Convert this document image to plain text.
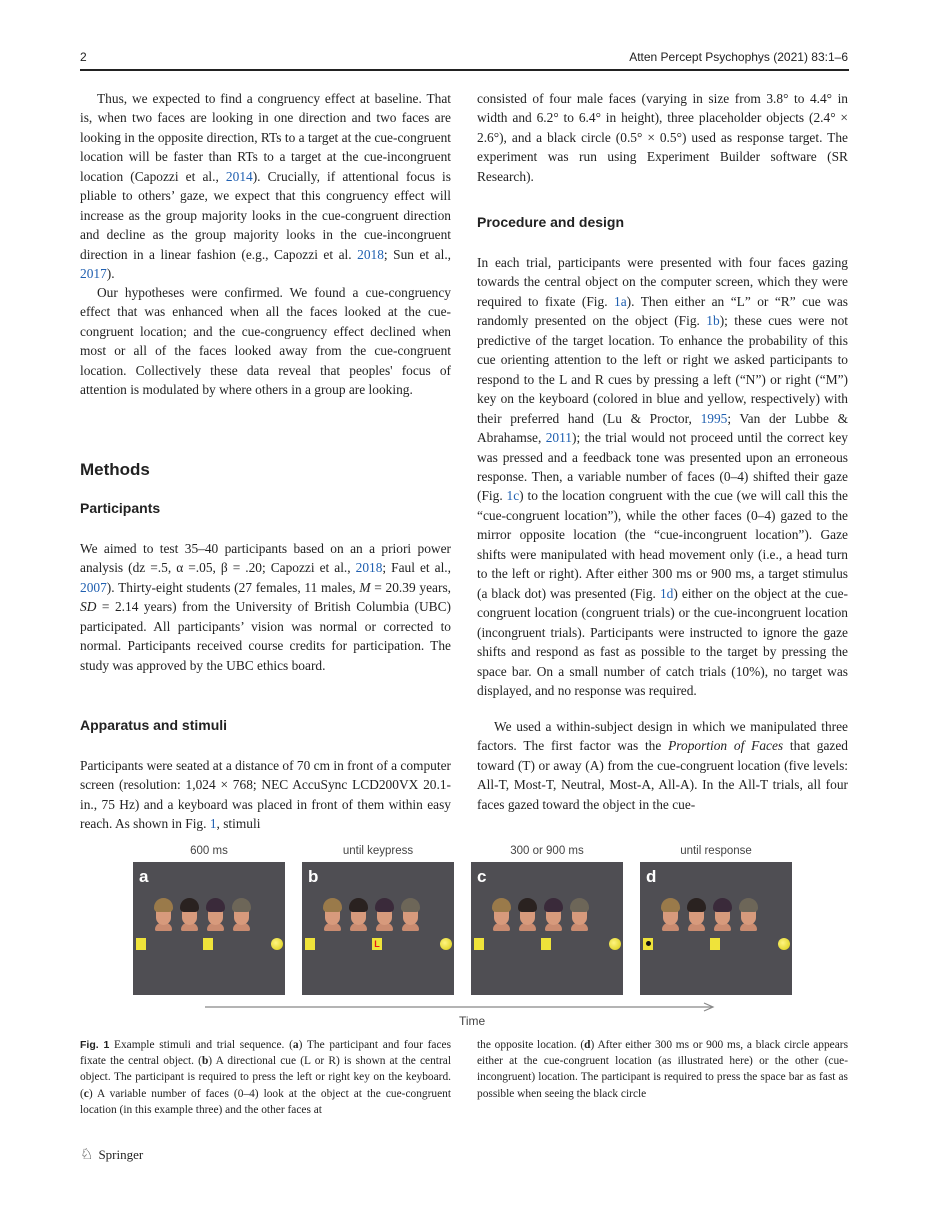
2	Atten Percept Psychophys (2021) 83:1–6

Thus, we expected to find a congruency effect at baseline. That is, when two faces are looking in one direction and two faces are looking in the opposite direction, RTs to a target at the cue-congruent location will be faster than RTs to a target at the cue-incongruent location (Capozzi et al., 2014). Crucially, if attentional focus is pliable to others’ gaze, we expect that this congruency effect will increase as the group majority looks in the cue-congruent direction and decline as the group majority looks in the cue-incongruent direction in a linear fashion (e.g., Capozzi et al. 2018; Sun et al., 2017).

Our hypotheses were confirmed. We found a cue-congruency effect that was enhanced when all the faces looked at the cue-congruent location; and the cue-congruency effect declined when most or all of the faces looked away from the cue-congruent location. Collectively these data reveal that peoples' focus of attention is modulated by where others in a group are looking.

Methods
Participants

We aimed to test 35–40 participants based on an a priori power analysis (dz =.5, α =.05, β = .20; Capozzi et al., 2018; Faul et al., 2007). Thirty-eight students (27 females, 11 males, M = 20.39 years, SD = 2.14 years) from the University of British Columbia (UBC) participated. All participants’ vision was normal or corrected to normal. Participants received course credits for participation. The study was approved by the UBC ethics board.

Apparatus and stimuli

Participants were seated at a distance of 70 cm in front of a computer screen (resolution: 1,024 × 768; NEC AccuSync LCD200VX 20.1-in., 75 Hz) and a keyboard was placed in front of them within easy reach. As shown in Fig. 1, stimuli

consisted of four male faces (varying in size from 3.8° to 4.4° in width and 6.2° to 6.4° in height), three placeholder objects (2.4° × 2.6°), and a black circle (0.5° × 0.5°) used as response target. The experiment was run using Experiment Builder software (SR Research).

Procedure and design

In each trial, participants were presented with four faces gazing towards the central object on the computer screen, which they were required to fixate (Fig. 1a). Then either an “L” or “R” cue was randomly presented on the object (Fig. 1b); these cues were not predictive of the target location. To enhance the probability of this cue orienting attention to the left or right we asked participants to respond to the L and R cues by pressing a left (“N”) or right (“M”) key on the keyboard (colored in blue and yellow, respectively) with their preferred hand (Lu & Proctor, 1995; Van der Lubbe & Abrahamse, 2011); the trial would not proceed until the correct key was pressed and a feedback tone was presented upon an erroneous response. Then, a variable number of faces (0–4) shifted their gaze (Fig. 1c) to the location congruent with the cue (we will call this the “cue-congruent location”), while the other faces (0–4) gazed to the mirror opposite location (the “cue-incongruent location”). Gaze shifts were manipulated with head movement only (i.e., a head turn to the left or right). After either 300 ms or 900 ms, a target stimulus (a black dot) was presented (Fig. 1d) either on the object at the cue-congruent location (congruent trials) or the cue-incongruent location (incongruent trials). Participants were instructed to ignore the gaze shifts and respond as fast as possible to the target by pressing the space bar. On a small number of catch trials (10%), no target was displayed, and no response was required.

We used a within-subject design in which we manipulated three factors. The first factor was the Proportion of Faces that gazed toward (T) or away (A) from the cue-congruent location (five levels: All-T, Most-T, Neutral, Most-A, All-A). In the All-T trials, all four faces gazed toward the object in the cue-

600 ms
a
until keypress
b
L
300 or 900 ms
c
until response
d
Time
Fig. 1 Example stimuli and trial sequence. (a) The participant and four faces fixate the central object. (b) A directional cue (L or R) is shown at the central object. The participant is required to press the left or right key on the keyboard. (c) A variable number of faces (0–4) look at the object at the cue-congruent location (in this example three) and the other faces at
the opposite location. (d) After either 300 ms or 900 ms, a black circle appears either at the cue-congruent location (as illustrated here) or the other (cue-incongruent) location. The participant is required to press the space bar as fast as possible when seeing the black circle
♘ Springer
